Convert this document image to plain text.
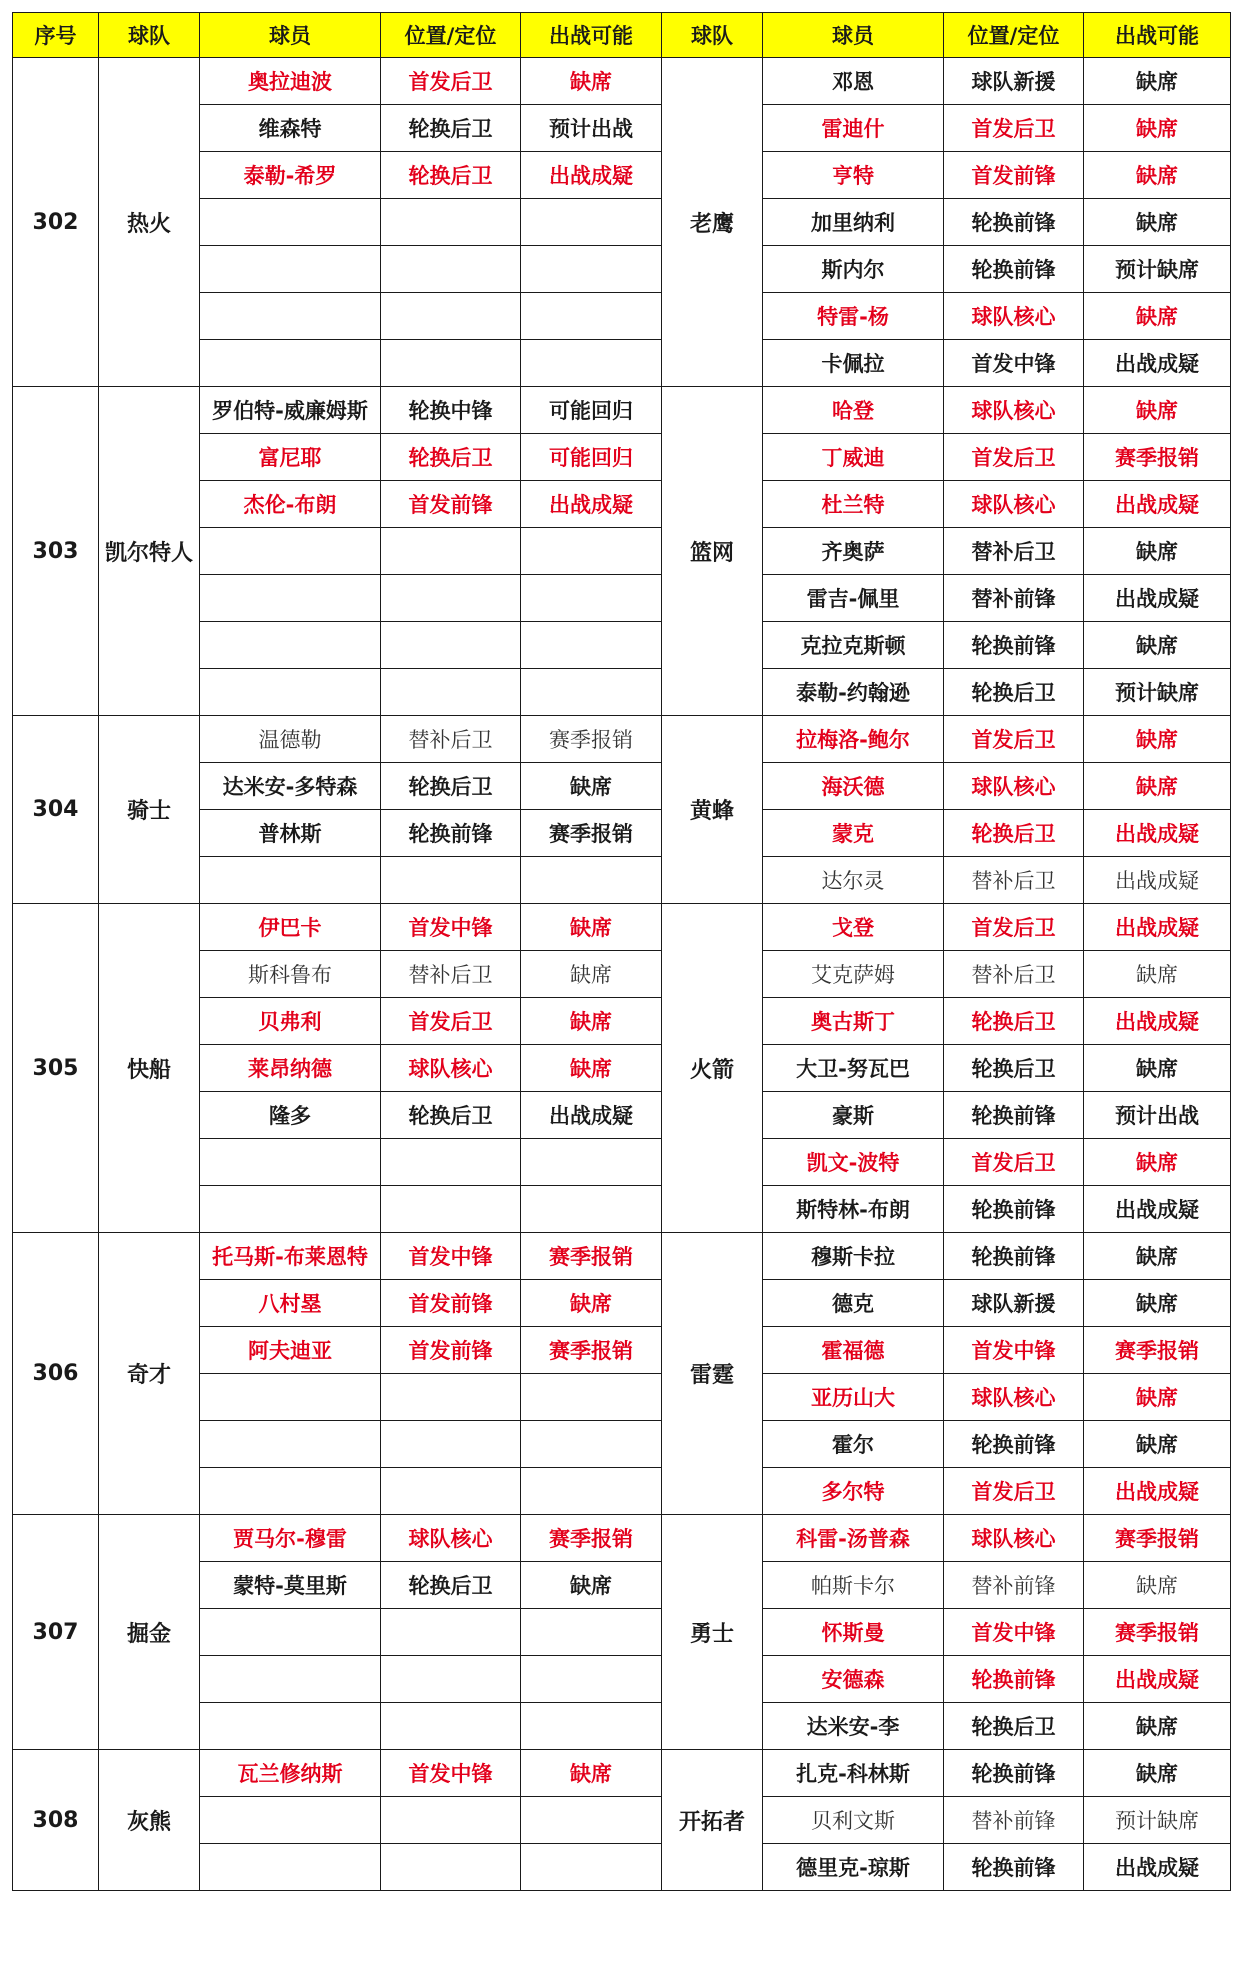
序号	球队	球员	位置/定位	出战可能	球队	球员	位置/定位	出战可能
302	热火	奥拉迪波	首发后卫	缺席	老鹰	邓恩	球队新援	缺席
		维森特	轮换后卫	预计出战		雷迪什	首发后卫	缺席
		泰勒-希罗	轮换后卫	出战成疑		亨特	首发前锋	缺席
						加里纳利	轮换前锋	缺席
						斯内尔	轮换前锋	预计缺席
						特雷-杨	球队核心	缺席
						卡佩拉	首发中锋	出战成疑
303	凯尔特人	罗伯特-威廉姆斯	轮换中锋	可能回归	篮网	哈登	球队核心	缺席
		富尼耶	轮换后卫	可能回归		丁威迪	首发后卫	赛季报销
		杰伦-布朗	首发前锋	出战成疑		杜兰特	球队核心	出战成疑
						齐奥萨	替补后卫	缺席
						雷吉-佩里	替补前锋	出战成疑
						克拉克斯顿	轮换前锋	缺席
						泰勒-约翰逊	轮换后卫	预计缺席
304	骑士	温德勒	替补后卫	赛季报销	黄蜂	拉梅洛-鲍尔	首发后卫	缺席
		达米安-多特森	轮换后卫	缺席		海沃德	球队核心	缺席
		普林斯	轮换前锋	赛季报销		蒙克	轮换后卫	出战成疑
						达尔灵	替补后卫	出战成疑
305	快船	伊巴卡	首发中锋	缺席	火箭	戈登	首发后卫	出战成疑
		斯科鲁布	替补后卫	缺席		艾克萨姆	替补后卫	缺席
		贝弗利	首发后卫	缺席		奥古斯丁	轮换后卫	出战成疑
		莱昂纳德	球队核心	缺席		大卫-努瓦巴	轮换后卫	缺席
		隆多	轮换后卫	出战成疑		豪斯	轮换前锋	预计出战
						凯文-波特	首发后卫	缺席
						斯特林-布朗	轮换前锋	出战成疑
306	奇才	托马斯-布莱恩特	首发中锋	赛季报销	雷霆	穆斯卡拉	轮换前锋	缺席
		八村塁	首发前锋	缺席		德克	球队新援	缺席
		阿夫迪亚	首发前锋	赛季报销		霍福德	首发中锋	赛季报销
						亚历山大	球队核心	缺席
						霍尔	轮换前锋	缺席
						多尔特	首发后卫	出战成疑
307	掘金	贾马尔-穆雷	球队核心	赛季报销	勇士	科雷-汤普森	球队核心	赛季报销
		蒙特-莫里斯	轮换后卫	缺席		帕斯卡尔	替补前锋	缺席
						怀斯曼	首发中锋	赛季报销
						安德森	轮换前锋	出战成疑
						达米安-李	轮换后卫	缺席
308	灰熊	瓦兰修纳斯	首发中锋	缺席	开拓者	扎克-科林斯	轮换前锋	缺席
						贝利文斯	替补前锋	预计缺席
						德里克-琼斯	轮换前锋	出战成疑
